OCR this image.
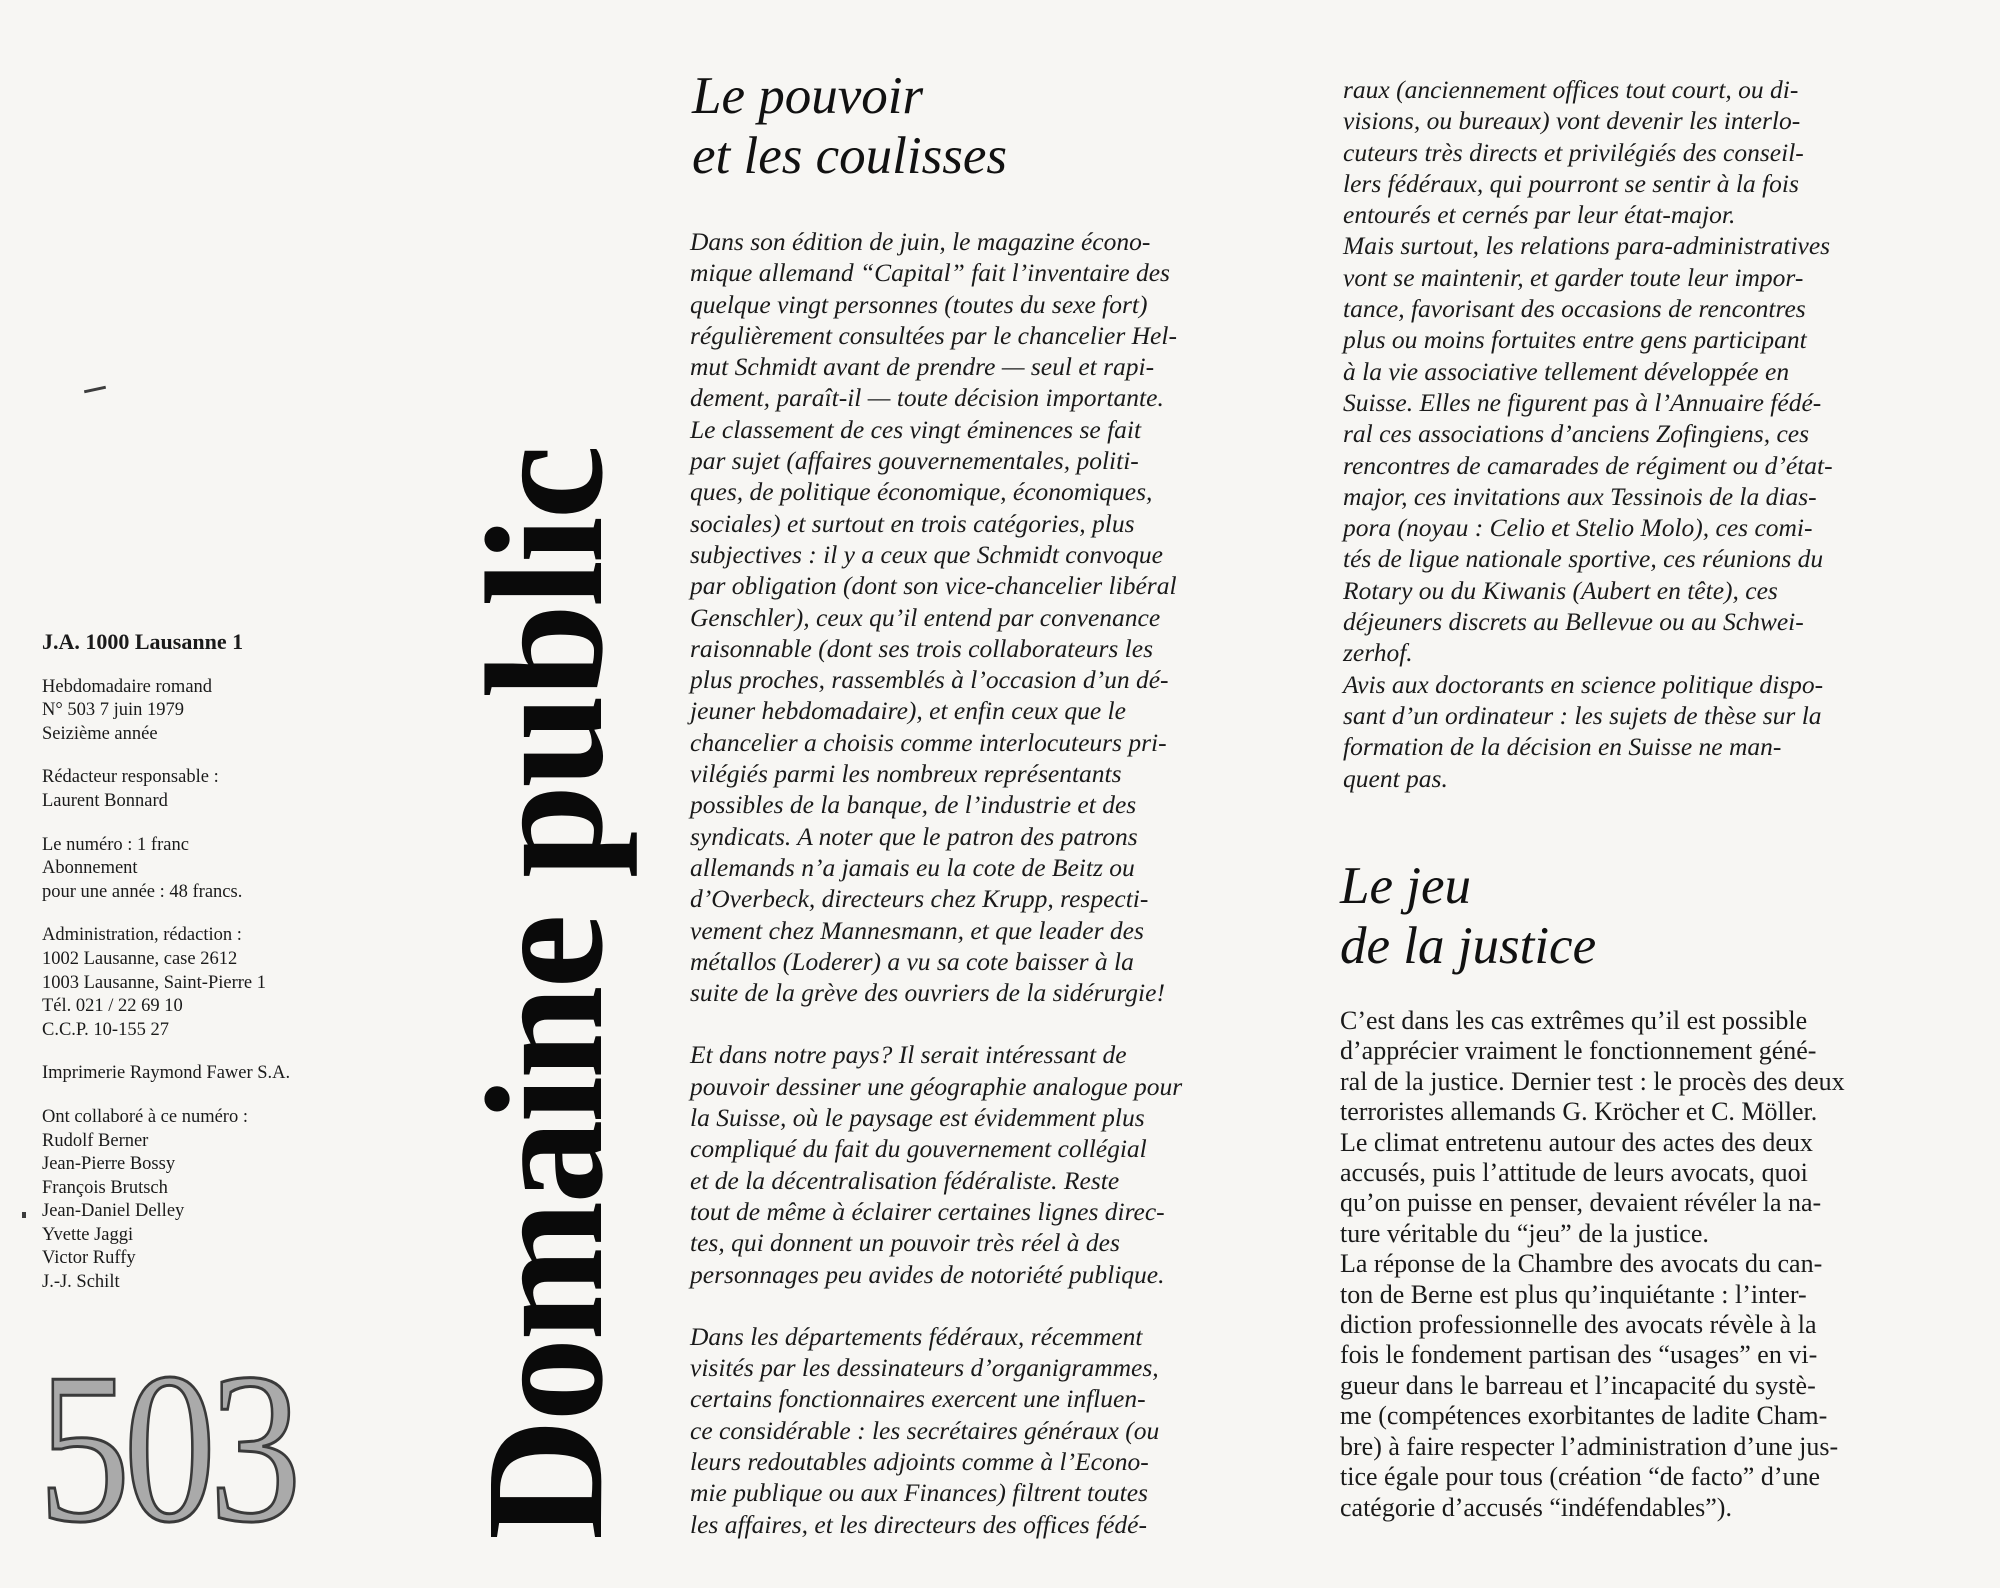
J.A. 1000 Lausanne 1
Hebdomadaire romand
N° 503 7 juin 1979
Seizième année
Rédacteur responsable :
Laurent Bonnard
Le numéro : 1 franc
Abonnement
pour une année : 48 francs.
Administration, rédaction :
1002 Lausanne, case 2612
1003 Lausanne, Saint-Pierre 1
Tél. 021 / 22 69 10
C.C.P. 10-155 27
Imprimerie Raymond Fawer S.A.
Ont collaboré à ce numéro :
Rudolf Berner
Jean-Pierre Bossy
François Brutsch
Jean-Daniel Delley
Yvette Jaggi
Victor Ruffy
J.-J. Schilt
503 Domaine public
Le pouvoir
et les coulisses

Dans son édition de juin, le magazine écono-
mique allemand “Capital” fait l’inventaire des
quelque vingt personnes (toutes du sexe fort)
régulièrement consultées par le chancelier Hel-
mut Schmidt avant de prendre — seul et rapi-
dement, paraît-il — toute décision importante.
Le classement de ces vingt éminences se fait
par sujet (affaires gouvernementales, politi-
ques, de politique économique, économiques,
sociales) et surtout en trois catégories, plus
subjectives : il y a ceux que Schmidt convoque
par obligation (dont son vice-chancelier libéral
Genschler), ceux qu’il entend par convenance
raisonnable (dont ses trois collaborateurs les
plus proches, rassemblés à l’occasion d’un dé-
jeuner hebdomadaire), et enfin ceux que le
chancelier a choisis comme interlocuteurs pri-
vilégiés parmi les nombreux représentants
possibles de la banque, de l’industrie et des
syndicats. A noter que le patron des patrons
allemands n’a jamais eu la cote de Beitz ou
d’Overbeck, directeurs chez Krupp, respecti-
vement chez Mannesmann, et que leader des
métallos (Loderer) a vu sa cote baisser à la
suite de la grève des ouvriers de la sidérurgie!

Et dans notre pays? Il serait intéressant de
pouvoir dessiner une géographie analogue pour
la Suisse, où le paysage est évidemment plus
compliqué du fait du gouvernement collégial
et de la décentralisation fédéraliste. Reste
tout de même à éclairer certaines lignes direc-
tes, qui donnent un pouvoir très réel à des
personnages peu avides de notoriété publique.

Dans les départements fédéraux, récemment
visités par les dessinateurs d’organigrammes,
certains fonctionnaires exercent une influen-
ce considérable : les secrétaires généraux (ou
leurs redoutables adjoints comme à l’Econo-
mie publique ou aux Finances) filtrent toutes
les affaires, et les directeurs des offices fédé-

raux (anciennement offices tout court, ou di-
visions, ou bureaux) vont devenir les interlo-
cuteurs très directs et privilégiés des conseil-
lers fédéraux, qui pourront se sentir à la fois
entourés et cernés par leur état-major.
Mais surtout, les relations para-administratives
vont se maintenir, et garder toute leur impor-
tance, favorisant des occasions de rencontres
plus ou moins fortuites entre gens participant
à la vie associative tellement développée en
Suisse. Elles ne figurent pas à l’Annuaire fédé-
ral ces associations d’anciens Zofingiens, ces
rencontres de camarades de régiment ou d’état-
major, ces invitations aux Tessinois de la dias-
pora (noyau : Celio et Stelio Molo), ces comi-
tés de ligue nationale sportive, ces réunions du
Rotary ou du Kiwanis (Aubert en tête), ces
déjeuners discrets au Bellevue ou au Schwei-
zerhof.
Avis aux doctorants en science politique dispo-
sant d’un ordinateur : les sujets de thèse sur la
formation de la décision en Suisse ne man-
quent pas.
Le jeu
de la justice
C’est dans les cas extrêmes qu’il est possible
d’apprécier vraiment le fonctionnement géné-
ral de la justice. Dernier test : le procès des deux
terroristes allemands G. Kröcher et C. Möller.
Le climat entretenu autour des actes des deux
accusés, puis l’attitude de leurs avocats, quoi
qu’on puisse en penser, devaient révéler la na-
ture véritable du “jeu” de la justice.
La réponse de la Chambre des avocats du can-
ton de Berne est plus qu’inquiétante : l’inter-
diction professionnelle des avocats révèle à la
fois le fondement partisan des “usages” en vi-
gueur dans le barreau et l’incapacité du systè-
me (compétences exorbitantes de ladite Cham-
bre) à faire respecter l’administration d’une jus-
tice égale pour tous (création “de facto” d’une
catégorie d’accusés “indéfendables”).
